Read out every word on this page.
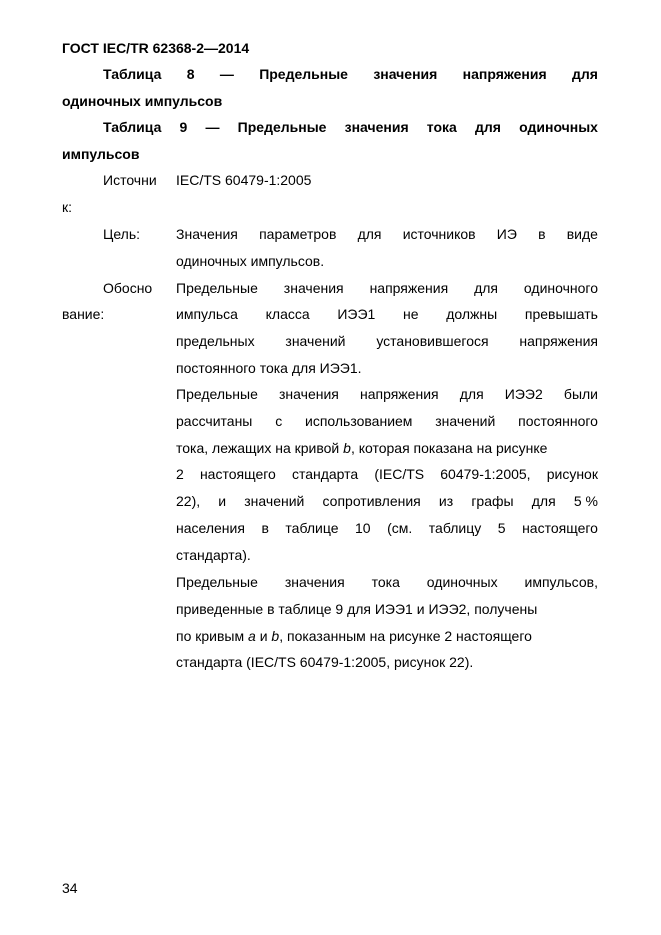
ГОСТ IEC/TR 62368-2—2014
Таблица 8 — Предельные значения напряжения для
одиночных импульсов
Таблица 9 — Предельные значения тока для одиночных
импульсов
Источни
к:
IEC/TS 60479-1:2005
Цель:	Значения параметров для источников ИЭ в виде
одиночных импульсов.
Обосно
вание:
Предельные значения напряжения для одиночного
импульса класса ИЭЭ1 не должны превышать
предельных значений установившегося напряжения
постоянного тока для ИЭЭ1.
Предельные значения напряжения для ИЭЭ2 были
рассчитаны с использованием значений постоянного
тока, лежащих на кривой b, которая показана на рисунке
2 настоящего стандарта (IEC/TS 60479-1:2005, рисунок
22), и значений сопротивления из графы для 5 %
населения в таблице 10 (см. таблицу 5 настоящего
стандарта).
Предельные значения тока одиночных импульсов,
приведенные в таблице 9 для ИЭЭ1 и ИЭЭ2, получены
по кривым a и b, показанным на рисунке 2 настоящего
стандарта (IEC/TS 60479-1:2005, рисунок 22).
34
